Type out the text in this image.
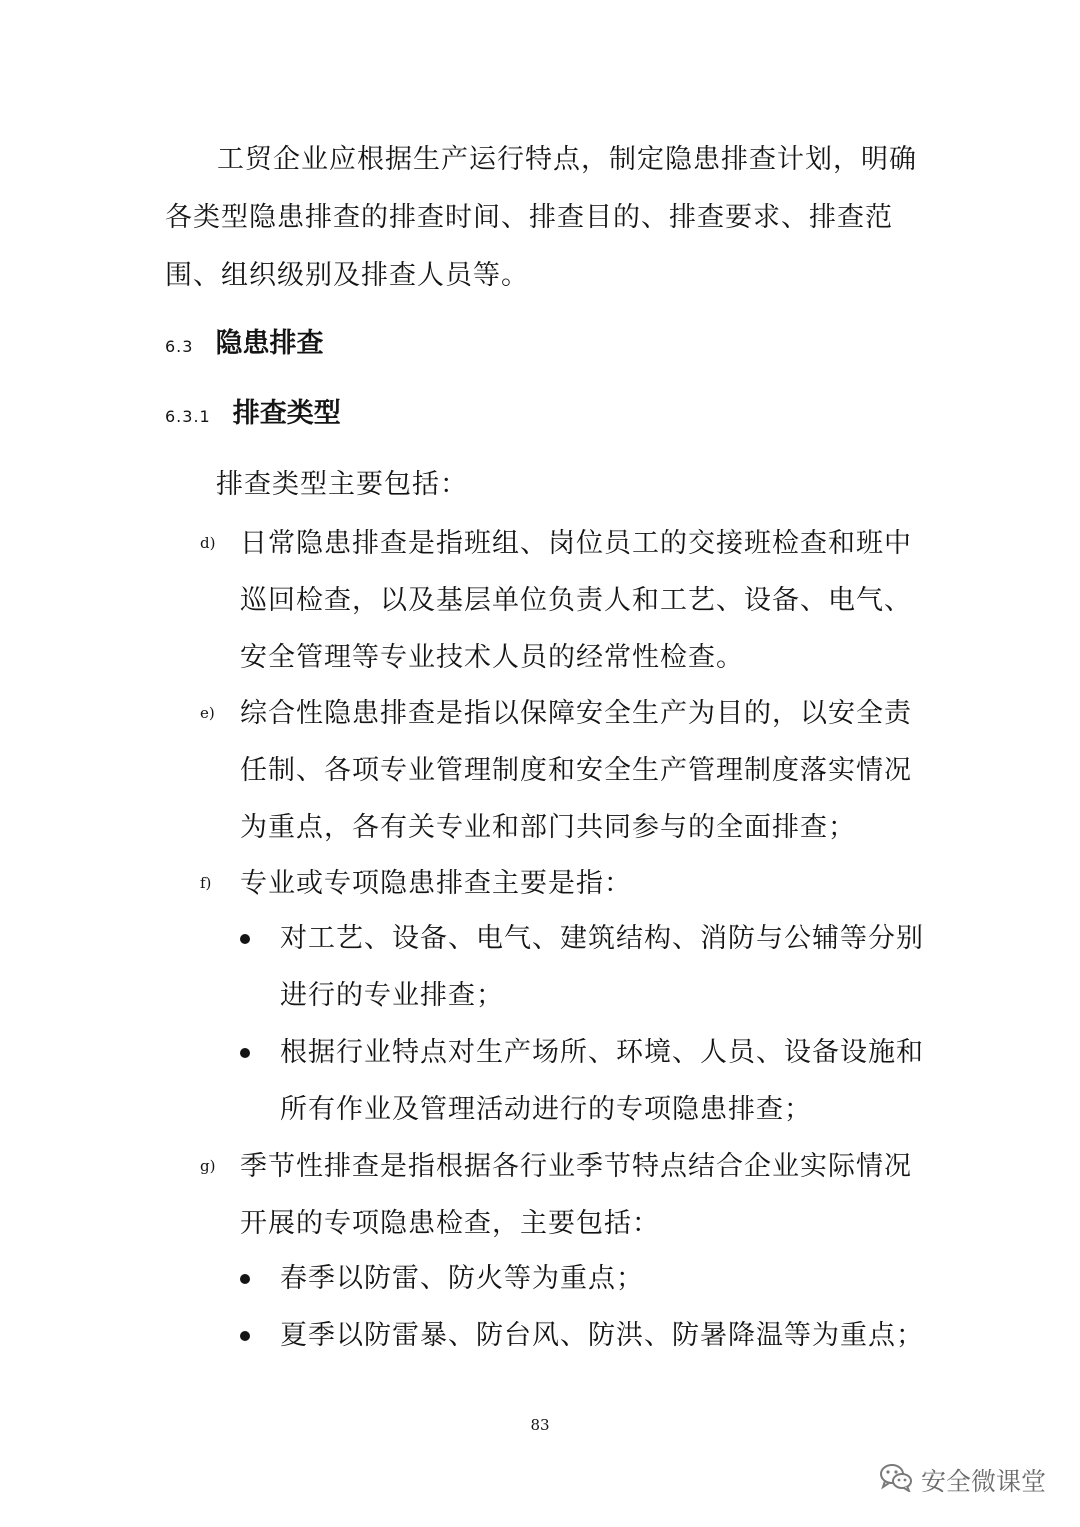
工贸企业应根据生产运行特点，制定隐患排查计划，明确各类型隐患排查的排查时间、排查目的、排查要求、排查范围、组织级别及排查人员等。

6.3 隐患排查
6.3.1 排查类型

排查类型主要包括：

d) 日常隐患排查是指班组、岗位员工的交接班检查和班中巡回检查，以及基层单位负责人和工艺、设备、电气、安全管理等专业技术人员的经常性检查。

e) 综合性隐患排查是指以保障安全生产为目的，以安全责任制、各项专业管理制度和安全生产管理制度落实情况为重点，各有关专业和部门共同参与的全面排查；

f) 专业或专项隐患排查主要是指：

对工艺、设备、电气、建筑结构、消防与公辅等分别进行的专业排查；

根据行业特点对生产场所、环境、人员、设备设施和所有作业及管理活动进行的专项隐患排查；

g) 季节性排查是指根据各行业季节特点结合企业实际情况开展的专项隐患检查，主要包括：

春季以防雷、防火等为重点；

夏季以防雷暴、防台风、防洪、防暑降温等为重点；

83
安全微课堂
